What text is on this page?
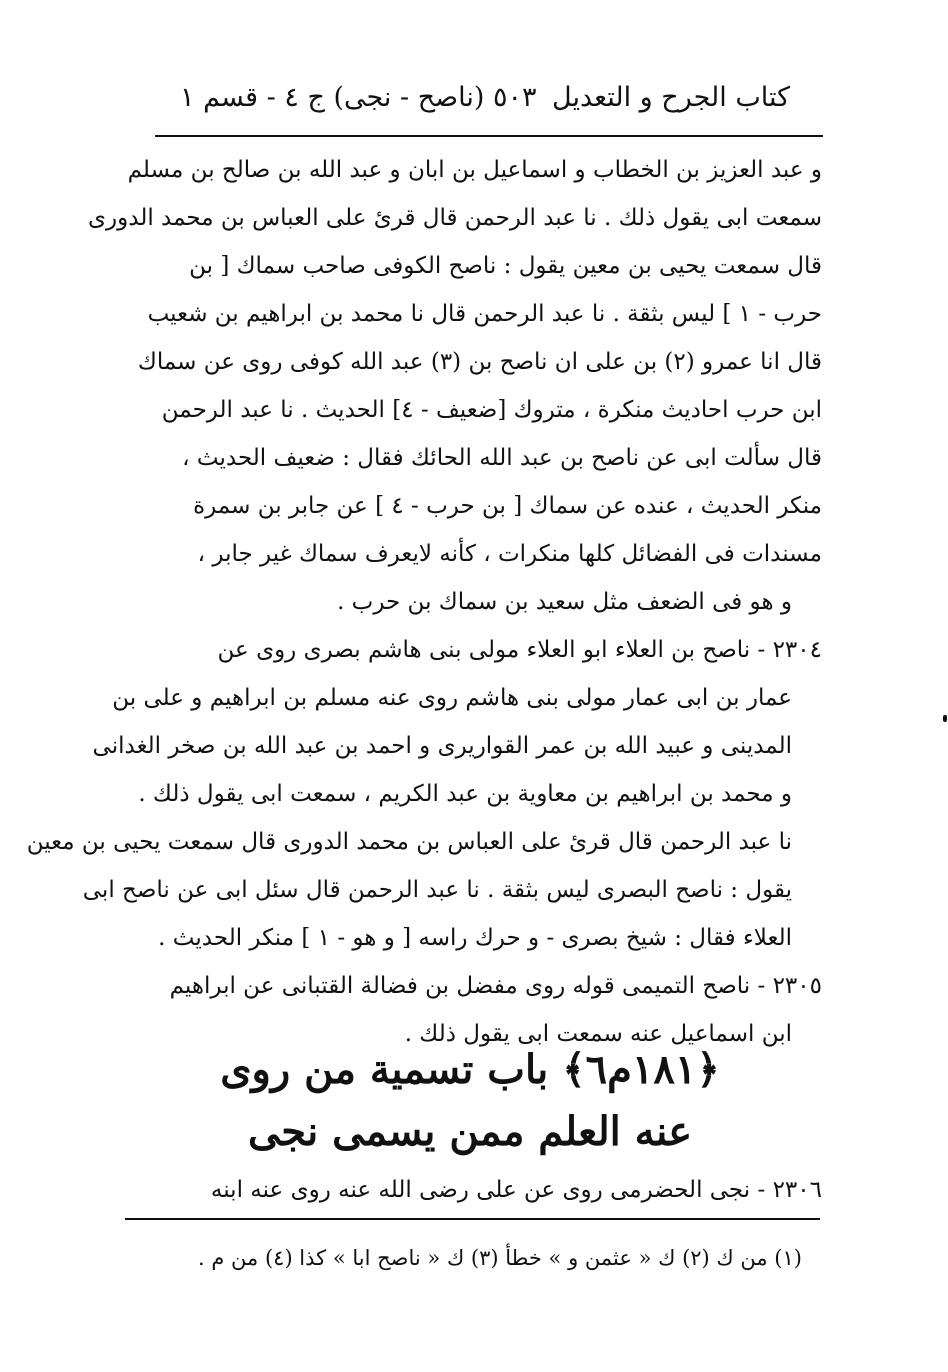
كتاب الجرح و التعديل
٥٠٣ (ناصح - نجى) ج ٤ - قسم ١
و عبد العزيز بن الخطاب و اسماعيل بن ابان و عبد الله بن صالح بن مسلم
سمعت ابى يقول ذلك . نا عبد الرحمن قال قرئ على العباس بن محمد الدورى
قال سمعت يحيى بن معين يقول : ناصح الكوفى صاحب سماك [ بن
حرب - ١ ] ليس بثقة . نا عبد الرحمن قال نا محمد بن ابراهيم بن شعيب
قال انا عمرو (٢) بن على ان ناصح بن (٣) عبد الله كوفى روى عن سماك
ابن حرب احاديث منكرة ، متروك [ضعيف - ٤] الحديث . نا عبد الرحمن
قال سألت ابى عن ناصح بن عبد الله الحائك فقال : ضعيف الحديث ،
منكر الحديث ، عنده عن سماك [ بن حرب - ٤ ] عن جابر بن سمرة
مسندات فى الفضائل كلها منكرات ، كأنه لايعرف سماك غير جابر ،
و هو فى الضعف مثل سعيد بن سماك بن حرب .
٢٣٠٤ - ناصح بن العلاء ابو العلاء مولى بنى هاشم بصرى روى عن
عمار بن ابى عمار مولى بنى هاشم روى عنه مسلم بن ابراهيم و على بن
المدينى و عبيد الله بن عمر القواريرى و احمد بن عبد الله بن صخر الغدانى
و محمد بن ابراهيم بن معاوية بن عبد الكريم ، سمعت ابى يقول ذلك .
نا عبد الرحمن قال قرئ على العباس بن محمد الدورى قال سمعت يحيى بن معين
يقول : ناصح البصرى ليس بثقة . نا عبد الرحمن قال سئل ابى عن ناصح ابى
العلاء فقال : شيخ بصرى - و حرك راسه [ و هو - ١ ] منكر الحديث .
٢٣٠٥ - ناصح التميمى قوله روى مفضل بن فضالة القتبانى عن ابراهيم
ابن اسماعيل عنه سمعت ابى يقول ذلك .
﴿١٨١م٦﴾ باب تسمية من روى
عنه العلم ممن يسمى نجى
٢٣٠٦ - نجى الحضرمى روى عن على رضى الله عنه روى عنه ابنه
(١) من ك (٢) ك « عثمن و » خطأ (٣) ك « ناصح ابا » كذا (٤) من م .
